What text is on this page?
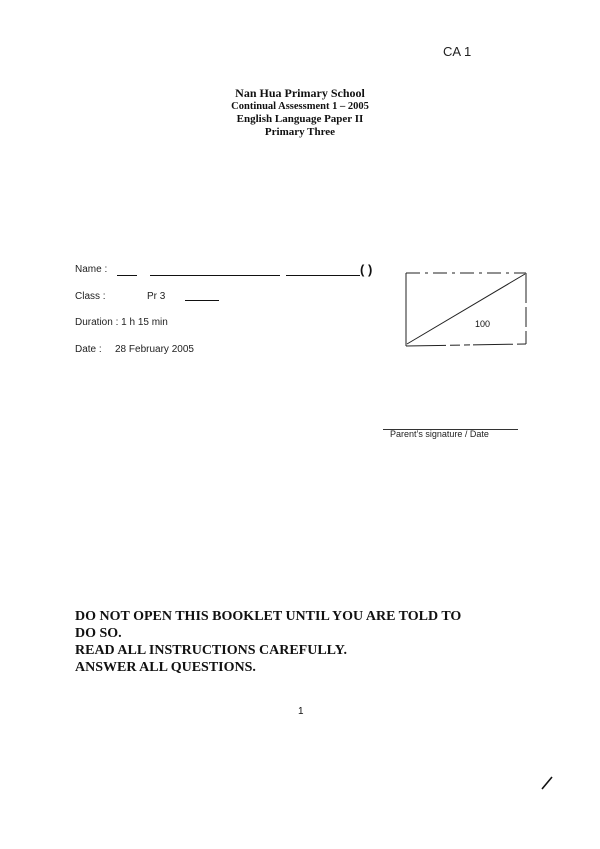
CA 1
Nan Hua Primary School
Continual Assessment 1 – 2005
English Language Paper II
Primary Three
Name :	( )
Class :	Pr 3
Duration : 1 h 15 min
Date : 28 February 2005
100
Parent’s signature / Date
DO NOT OPEN THIS BOOKLET UNTIL YOU ARE TOLD TO
DO SO.
READ ALL INSTRUCTIONS CAREFULLY.
ANSWER ALL QUESTIONS.
1
